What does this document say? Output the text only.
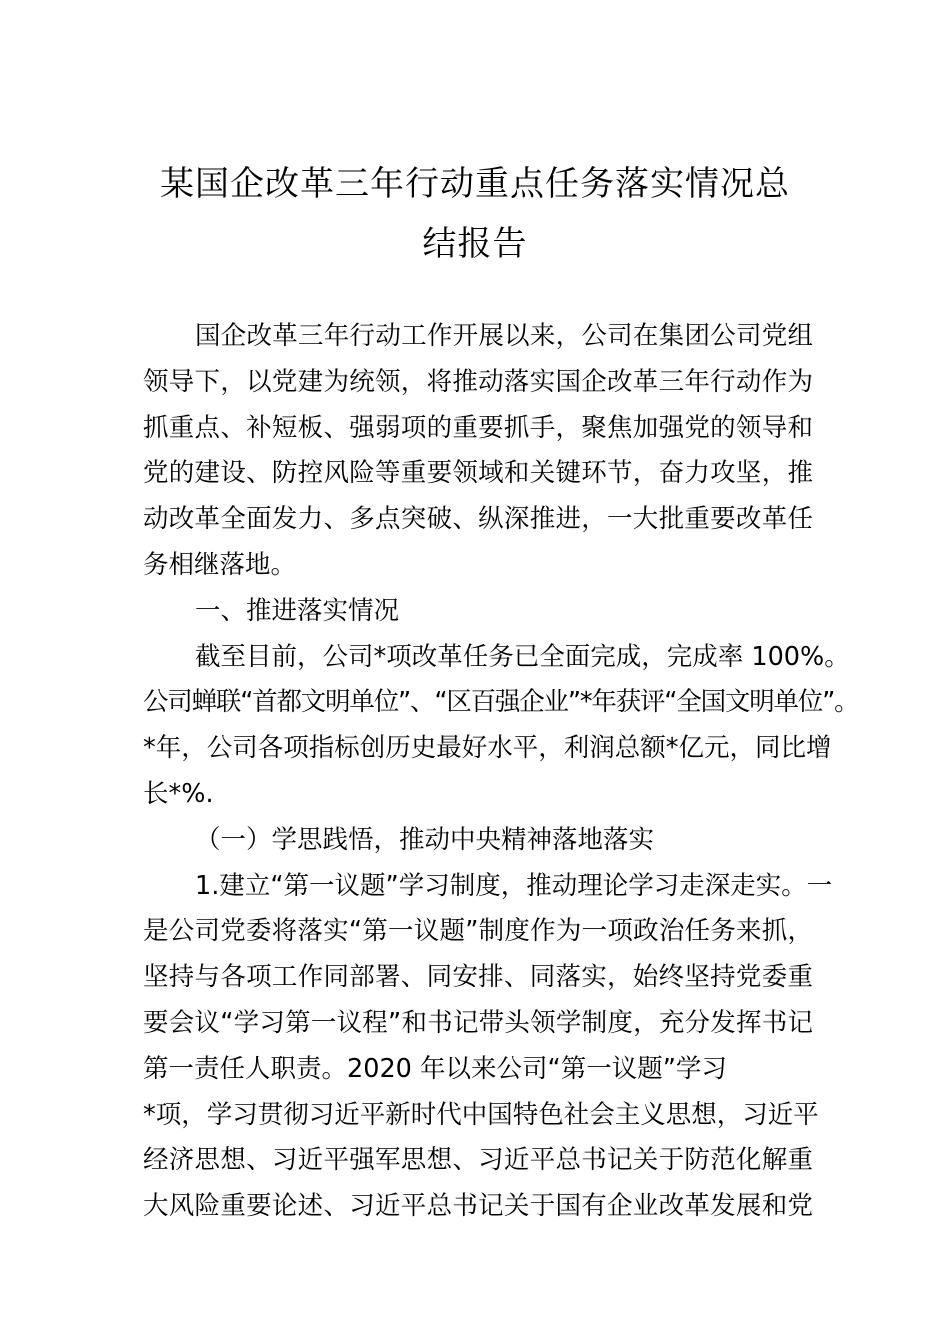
某国企改革三年行动重点任务落实情况总
结报告
国企改革三年行动工作开展以来，公司在集团公司党组
领导下，以党建为统领，将推动落实国企改革三年行动作为
抓重点、补短板、强弱项的重要抓手，聚焦加强党的领导和
党的建设、防控风险等重要领域和关键环节，奋力攻坚，推
动改革全面发力、多点突破、纵深推进，一大批重要改革任
务相继落地。
一、推进落实情况
截至目前，公司*项改革任务已全面完成，完成率 100%。
公司蝉联“首都文明单位”、“区百强企业”*年获评“全国文明单位”。
*年，公司各项指标创历史最好水平，利润总额*亿元，同比增
长*%.
（一）学思践悟，推动中央精神落地落实
1.建立“第一议题”学习制度，推动理论学习走深走实。一
是公司党委将落实“第一议题”制度作为一项政治任务来抓，
坚持与各项工作同部署、同安排、同落实，始终坚持党委重
要会议“学习第一议程”和书记带头领学制度，充分发挥书记
第一责任人职责。2020 年以来公司“第一议题”学习
*项，学习贯彻习近平新时代中国特色社会主义思想，习近平
经济思想、习近平强军思想、习近平总书记关于防范化解重
大风险重要论述、习近平总书记关于国有企业改革发展和党
